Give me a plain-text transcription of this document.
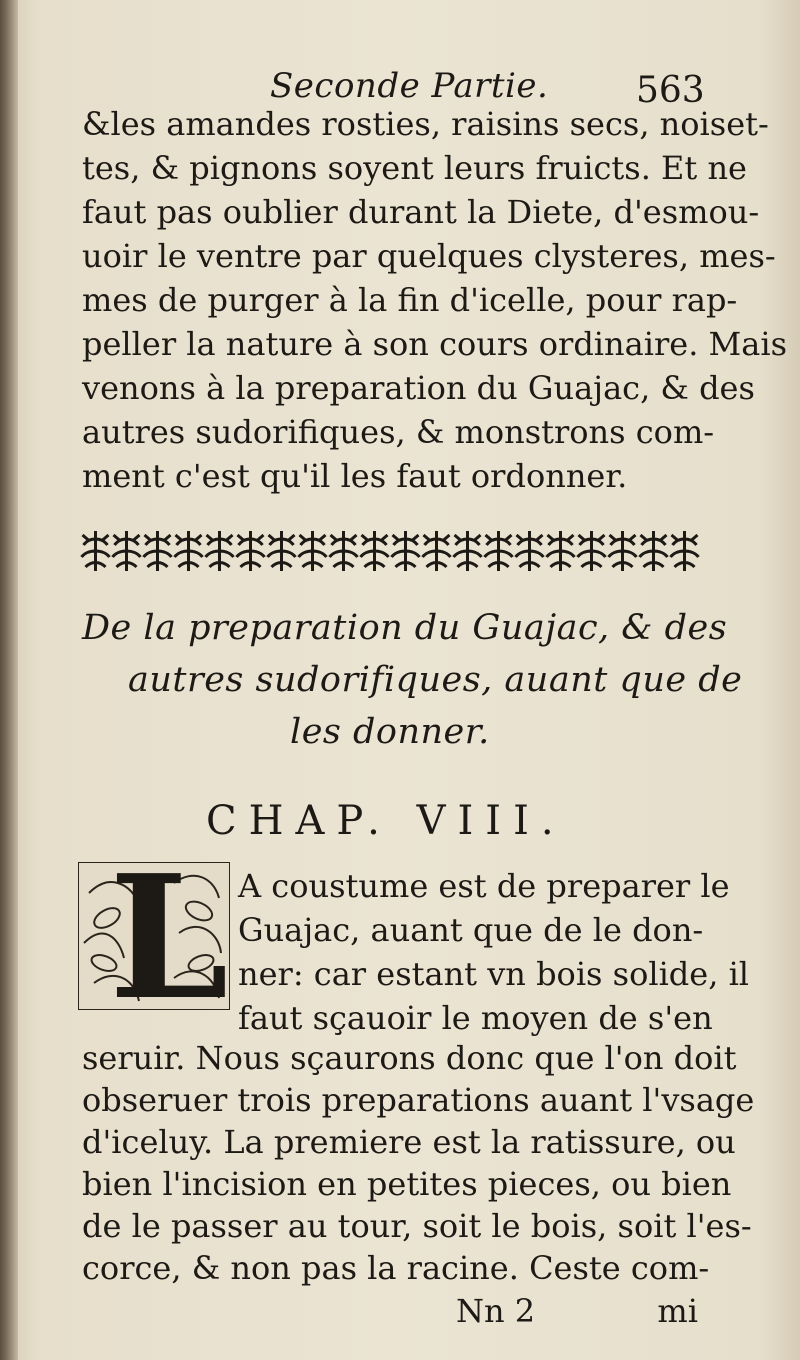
Seconde Partie. 563
&les amandes rosties, raisins secs, noiset-
tes, & pignons soyent leurs fruicts. Et ne
faut pas oublier durant la Diete, d'esmou-
uoir le ventre par quelques clysteres, mes-
mes de purger à la fin d'icelle, pour rap-
peller la nature à son cours ordinaire. Mais
venons à la preparation du Guajac, & des
autres sudorifiques, & monstrons com-
ment c'est qu'il les faut ordonner.
De la preparation du Guajac, & des
autres sudorifiques, auant que de
les donner.
CHAP. VIII.
L A coustume est de preparer le
Guajac, auant que de le don-
ner: car estant vn bois solide, il
faut sçauoir le moyen de s'en
seruir. Nous sçaurons donc que l'on doit
obseruer trois preparations auant l'vsage
d'iceluy. La premiere est la ratissure, ou
bien l'incision en petites pieces, ou bien
de le passer au tour, soit le bois, soit l'es-
corce, & non pas la racine. Ceste com-
Nn 2	mi
